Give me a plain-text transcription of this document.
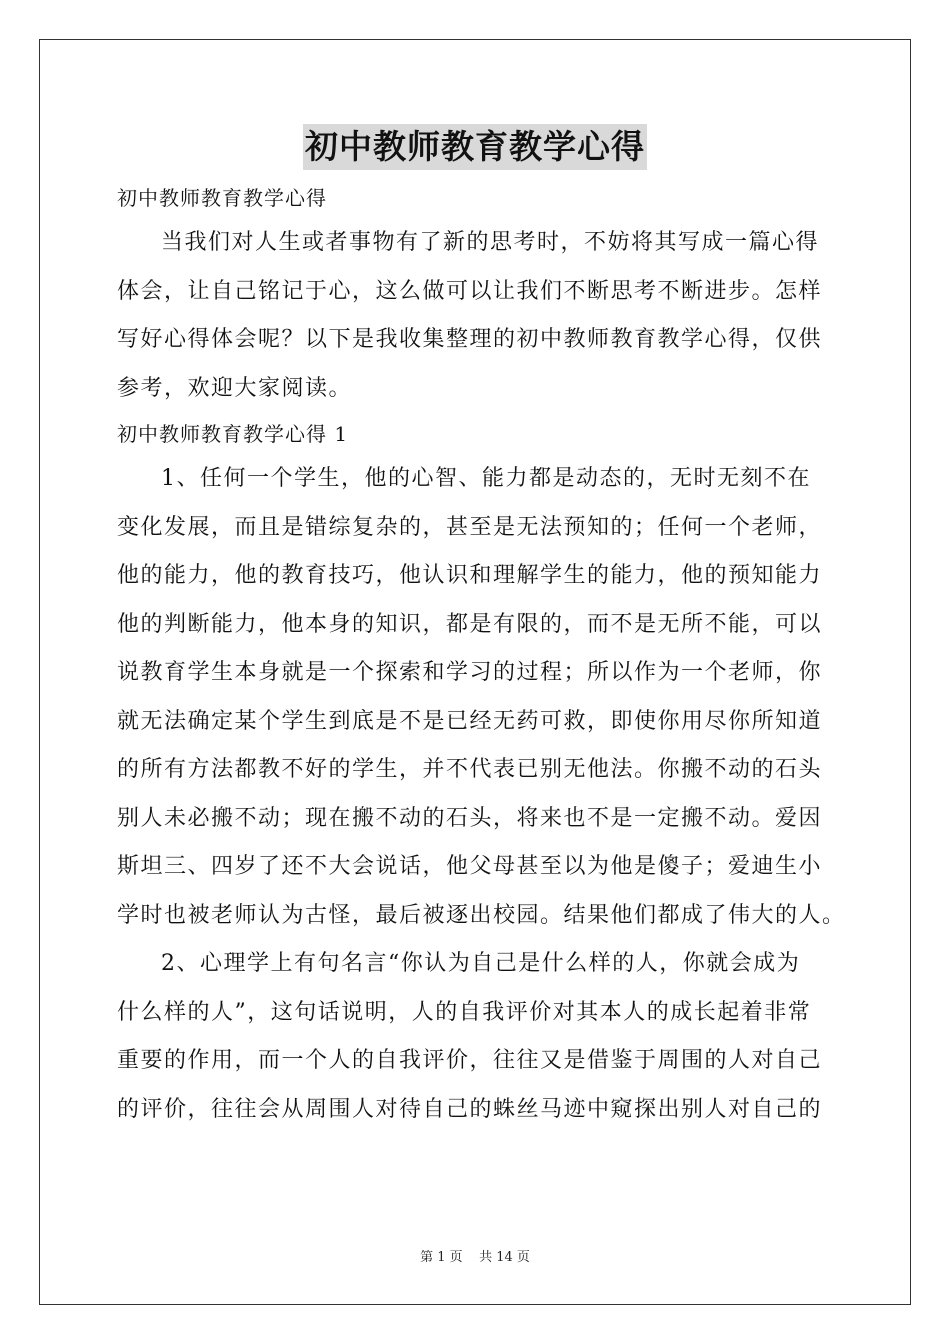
初中教师教育教学心得
初中教师教育教学心得
当我们对人生或者事物有了新的思考时，不妨将其写成一篇心得
体会，让自己铭记于心，这么做可以让我们不断思考不断进步。怎样
写好心得体会呢？以下是我收集整理的初中教师教育教学心得，仅供
参考，欢迎大家阅读。
初中教师教育教学心得 1
1、任何一个学生，他的心智、能力都是动态的，无时无刻不在
变化发展，而且是错综复杂的，甚至是无法预知的；任何一个老师，
他的能力，他的教育技巧，他认识和理解学生的能力，他的预知能力
他的判断能力，他本身的知识，都是有限的，而不是无所不能，可以
说教育学生本身就是一个探索和学习的过程；所以作为一个老师，你
就无法确定某个学生到底是不是已经无药可救，即使你用尽你所知道
的所有方法都教不好的学生，并不代表已别无他法。你搬不动的石头
别人未必搬不动；现在搬不动的石头，将来也不是一定搬不动。爱因
斯坦三、四岁了还不大会说话，他父母甚至以为他是傻子；爱迪生小
学时也被老师认为古怪，最后被逐出校园。结果他们都成了伟大的人。
2、心理学上有句名言“你认为自己是什么样的人，你就会成为
什么样的人”，这句话说明，人的自我评价对其本人的成长起着非常
重要的作用，而一个人的自我评价，往往又是借鉴于周围的人对自己
的评价，往往会从周围人对待自己的蛛丝马迹中窥探出别人对自己的
第 1 页    共 14 页
